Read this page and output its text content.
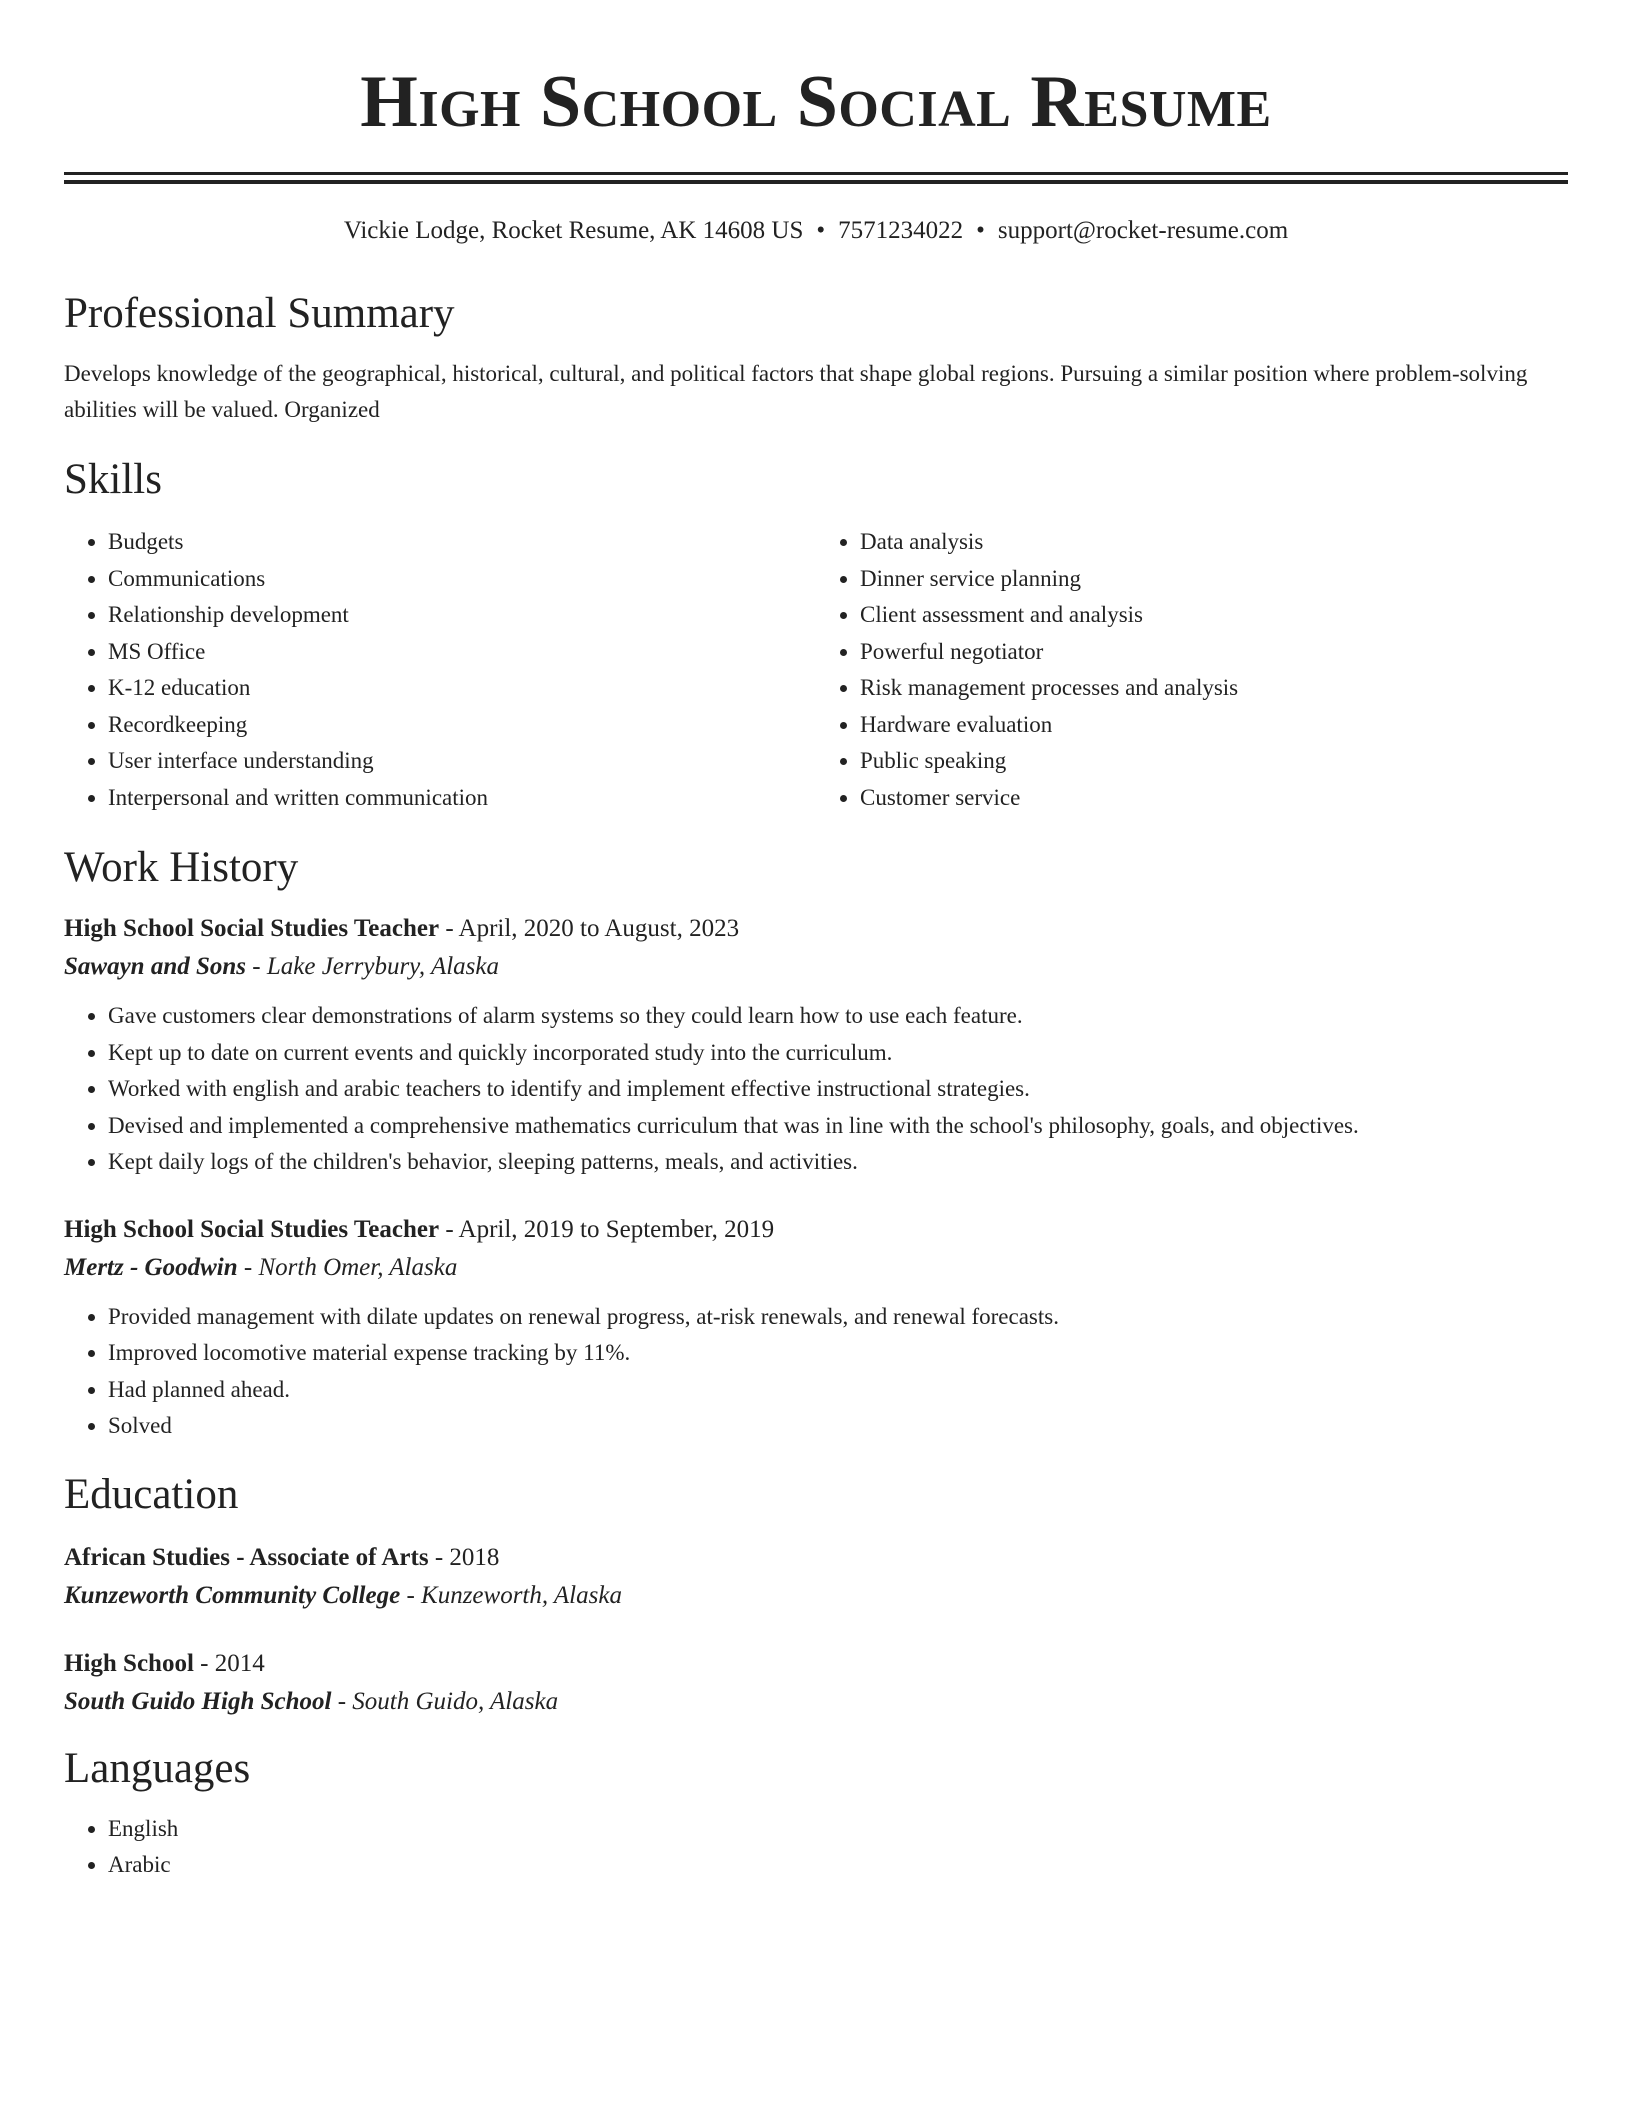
High School Social Resume
Vickie Lodge, Rocket Resume, AK 14608 US • 7571234022 • support@rocket-resume.com
Professional Summary

Develops knowledge of the geographical, historical, cultural, and political factors that shape global regions. Pursuing a similar position where problem-solving abilities will be valued. Organized

Skills
• Budgets
• Communications
• Relationship development
• MS Office
• K-12 education
• Recordkeeping
• User interface understanding
• Interpersonal and written communication
• Data analysis
• Dinner service planning
• Client assessment and analysis
• Powerful negotiator
• Risk management processes and analysis
• Hardware evaluation
• Public speaking
• Customer service
Work History
High School Social Studies Teacher - April, 2020 to August, 2023
Sawayn and Sons - Lake Jerrybury, Alaska
• Gave customers clear demonstrations of alarm systems so they could learn how to use each feature.
• Kept up to date on current events and quickly incorporated study into the curriculum.
• Worked with english and arabic teachers to identify and implement effective instructional strategies.
• Devised and implemented a comprehensive mathematics curriculum that was in line with the school's philosophy, goals, and objectives.
• Kept daily logs of the children's behavior, sleeping patterns, meals, and activities.
High School Social Studies Teacher - April, 2019 to September, 2019
Mertz - Goodwin - North Omer, Alaska
• Provided management with dilate updates on renewal progress, at-risk renewals, and renewal forecasts.
• Improved locomotive material expense tracking by 11%.
• Had planned ahead.
• Solved
Education
African Studies - Associate of Arts - 2018
Kunzeworth Community College - Kunzeworth, Alaska
High School - 2014
South Guido High School - South Guido, Alaska
Languages
• English
• Arabic
